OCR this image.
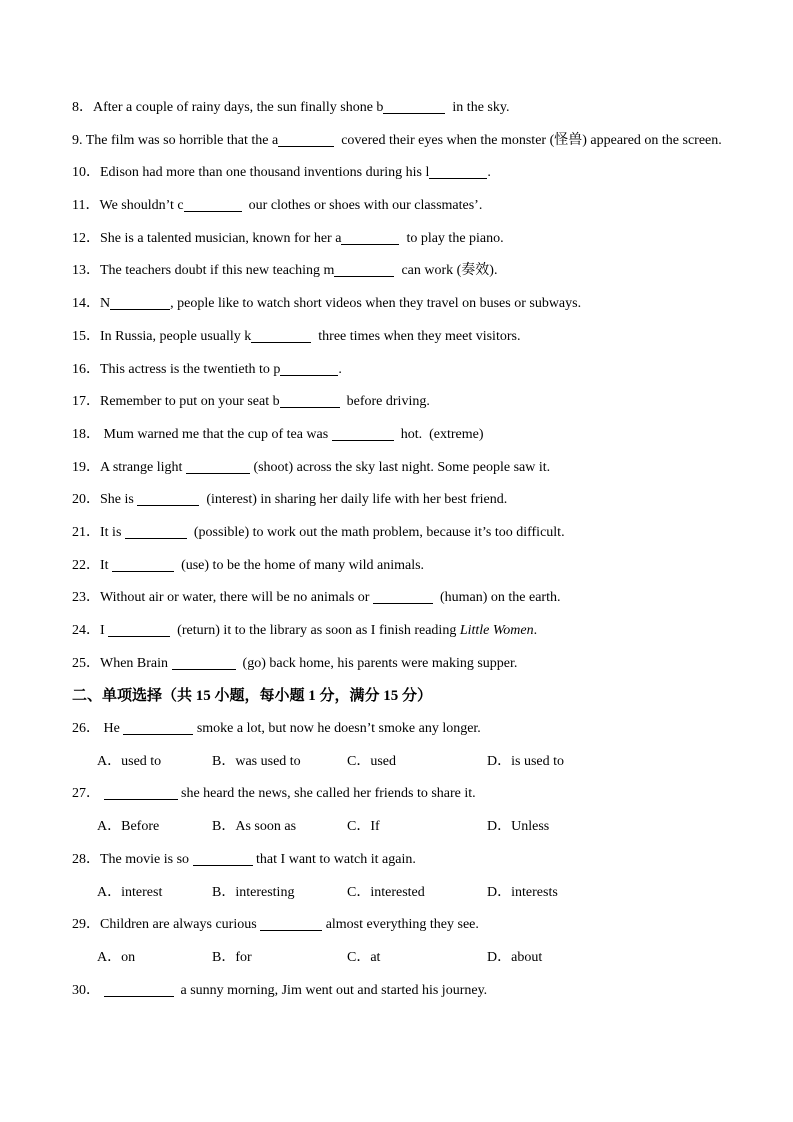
8．After a couple of rainy days, the sun finally shone b	in the sky.
9. The film was so horrible that the a	covered their eyes when the monster (怪兽) appeared on the screen.
10．Edison had more than one thousand inventions during his l	.
11．We shouldn’t c	our clothes or shoes with our classmates’.
12．She is a talented musician, known for her a	to play the piano.
13．The teachers doubt if this new teaching m	can work (奏效).
14．N	, people like to watch short videos when they travel on buses or subways.
15．In Russia, people usually k	three times when they meet visitors.
16．This actress is the twentieth to p	.
17．Remember to put on your seat b	before driving.
18． Mum warned me that the cup of tea was	hot.  (extreme)
19．A strange light	(shoot) across the sky last night. Some people saw it.
20．She is	(interest) in sharing her daily life with her best friend.
21．It is	(possible) to work out the math problem, because it’s too difficult.
22．It	(use) to be the home of many wild animals.
23．Without air or water, there will be no animals or	(human) on the earth.
24．I	(return) it to the library as soon as I finish reading Little Women.
25．When Brain	(go) back home, his parents were making supper.
二、单项选择（共 15 小题，每小题 1 分，满分 15 分）
26． He	smoke a lot, but now he doesn’t smoke any longer.
A．used to	B．was used to	C．used	D．is used to
27．	she heard the news, she called her friends to share it.
A．Before	B．As soon as	C．If	D．Unless
28．The movie is so	that I want to watch it again.
A．interest	B．interesting	C．interested	D．interests
29．Children are always curious	almost everything they see.
A．on	B．for	C．at	D．about
30．	a sunny morning, Jim went out and started his journey.
